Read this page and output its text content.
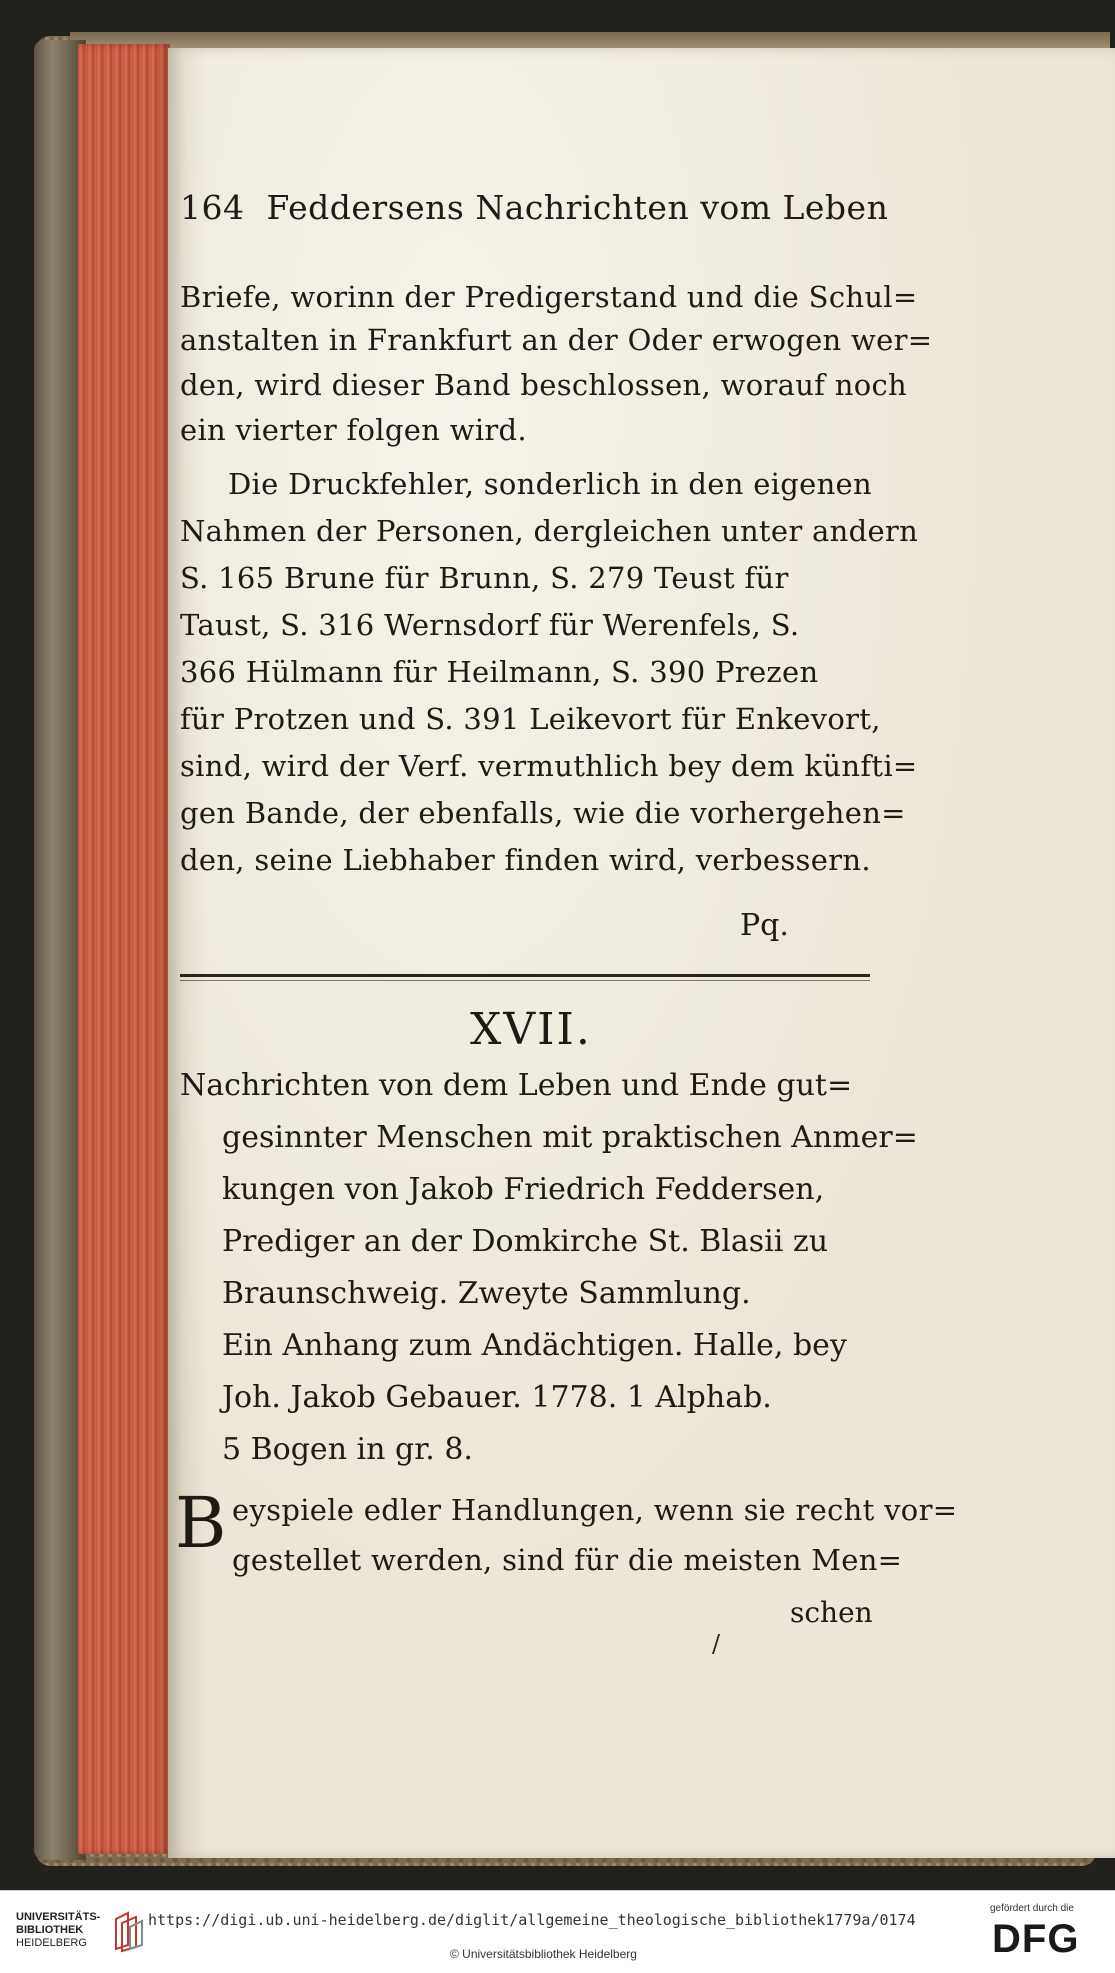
164 Feddersens Nachrichten vom Leben
Briefe, worinn der Predigerstand und die Schul=
anstalten in Frankfurt an der Oder erwogen wer=
den, wird dieser Band beschlossen, worauf noch
ein vierter folgen wird.
Die Druckfehler, sonderlich in den eigenen
Nahmen der Personen, dergleichen unter andern
S. 165 Brune für Brunn, S. 279 Teust für
Taust, S. 316 Wernsdorf für Werenfels, S.
366 Hülmann für Heilmann, S. 390 Prezen
für Protzen und S. 391 Leikevort für Enkevort,
sind, wird der Verf. vermuthlich bey dem künfti=
gen Bande, der ebenfalls, wie die vorhergehen=
den, seine Liebhaber finden wird, verbessern.
Pq.
XVII.
Nachrichten von dem Leben und Ende gut=
gesinnter Menschen mit praktischen Anmer=
kungen von Jakob Friedrich Feddersen,
Prediger an der Domkirche St. Blasii zu
Braunschweig. Zweyte Sammlung.
Ein Anhang zum Andächtigen. Halle, bey
Joh. Jakob Gebauer. 1778. 1 Alphab.
5 Bogen in gr. 8.
B eyspiele edler Handlungen, wenn sie recht vor=
gestellet werden, sind für die meisten Men=
schen
/
UNIVERSITÄTS-
BIBLIOTHEK
HEIDELBERG
https://digi.ub.uni-heidelberg.de/diglit/allgemeine_theologische_bibliothek1779a/0174
© Universitätsbibliothek Heidelberg
gefördert durch die
DFG
